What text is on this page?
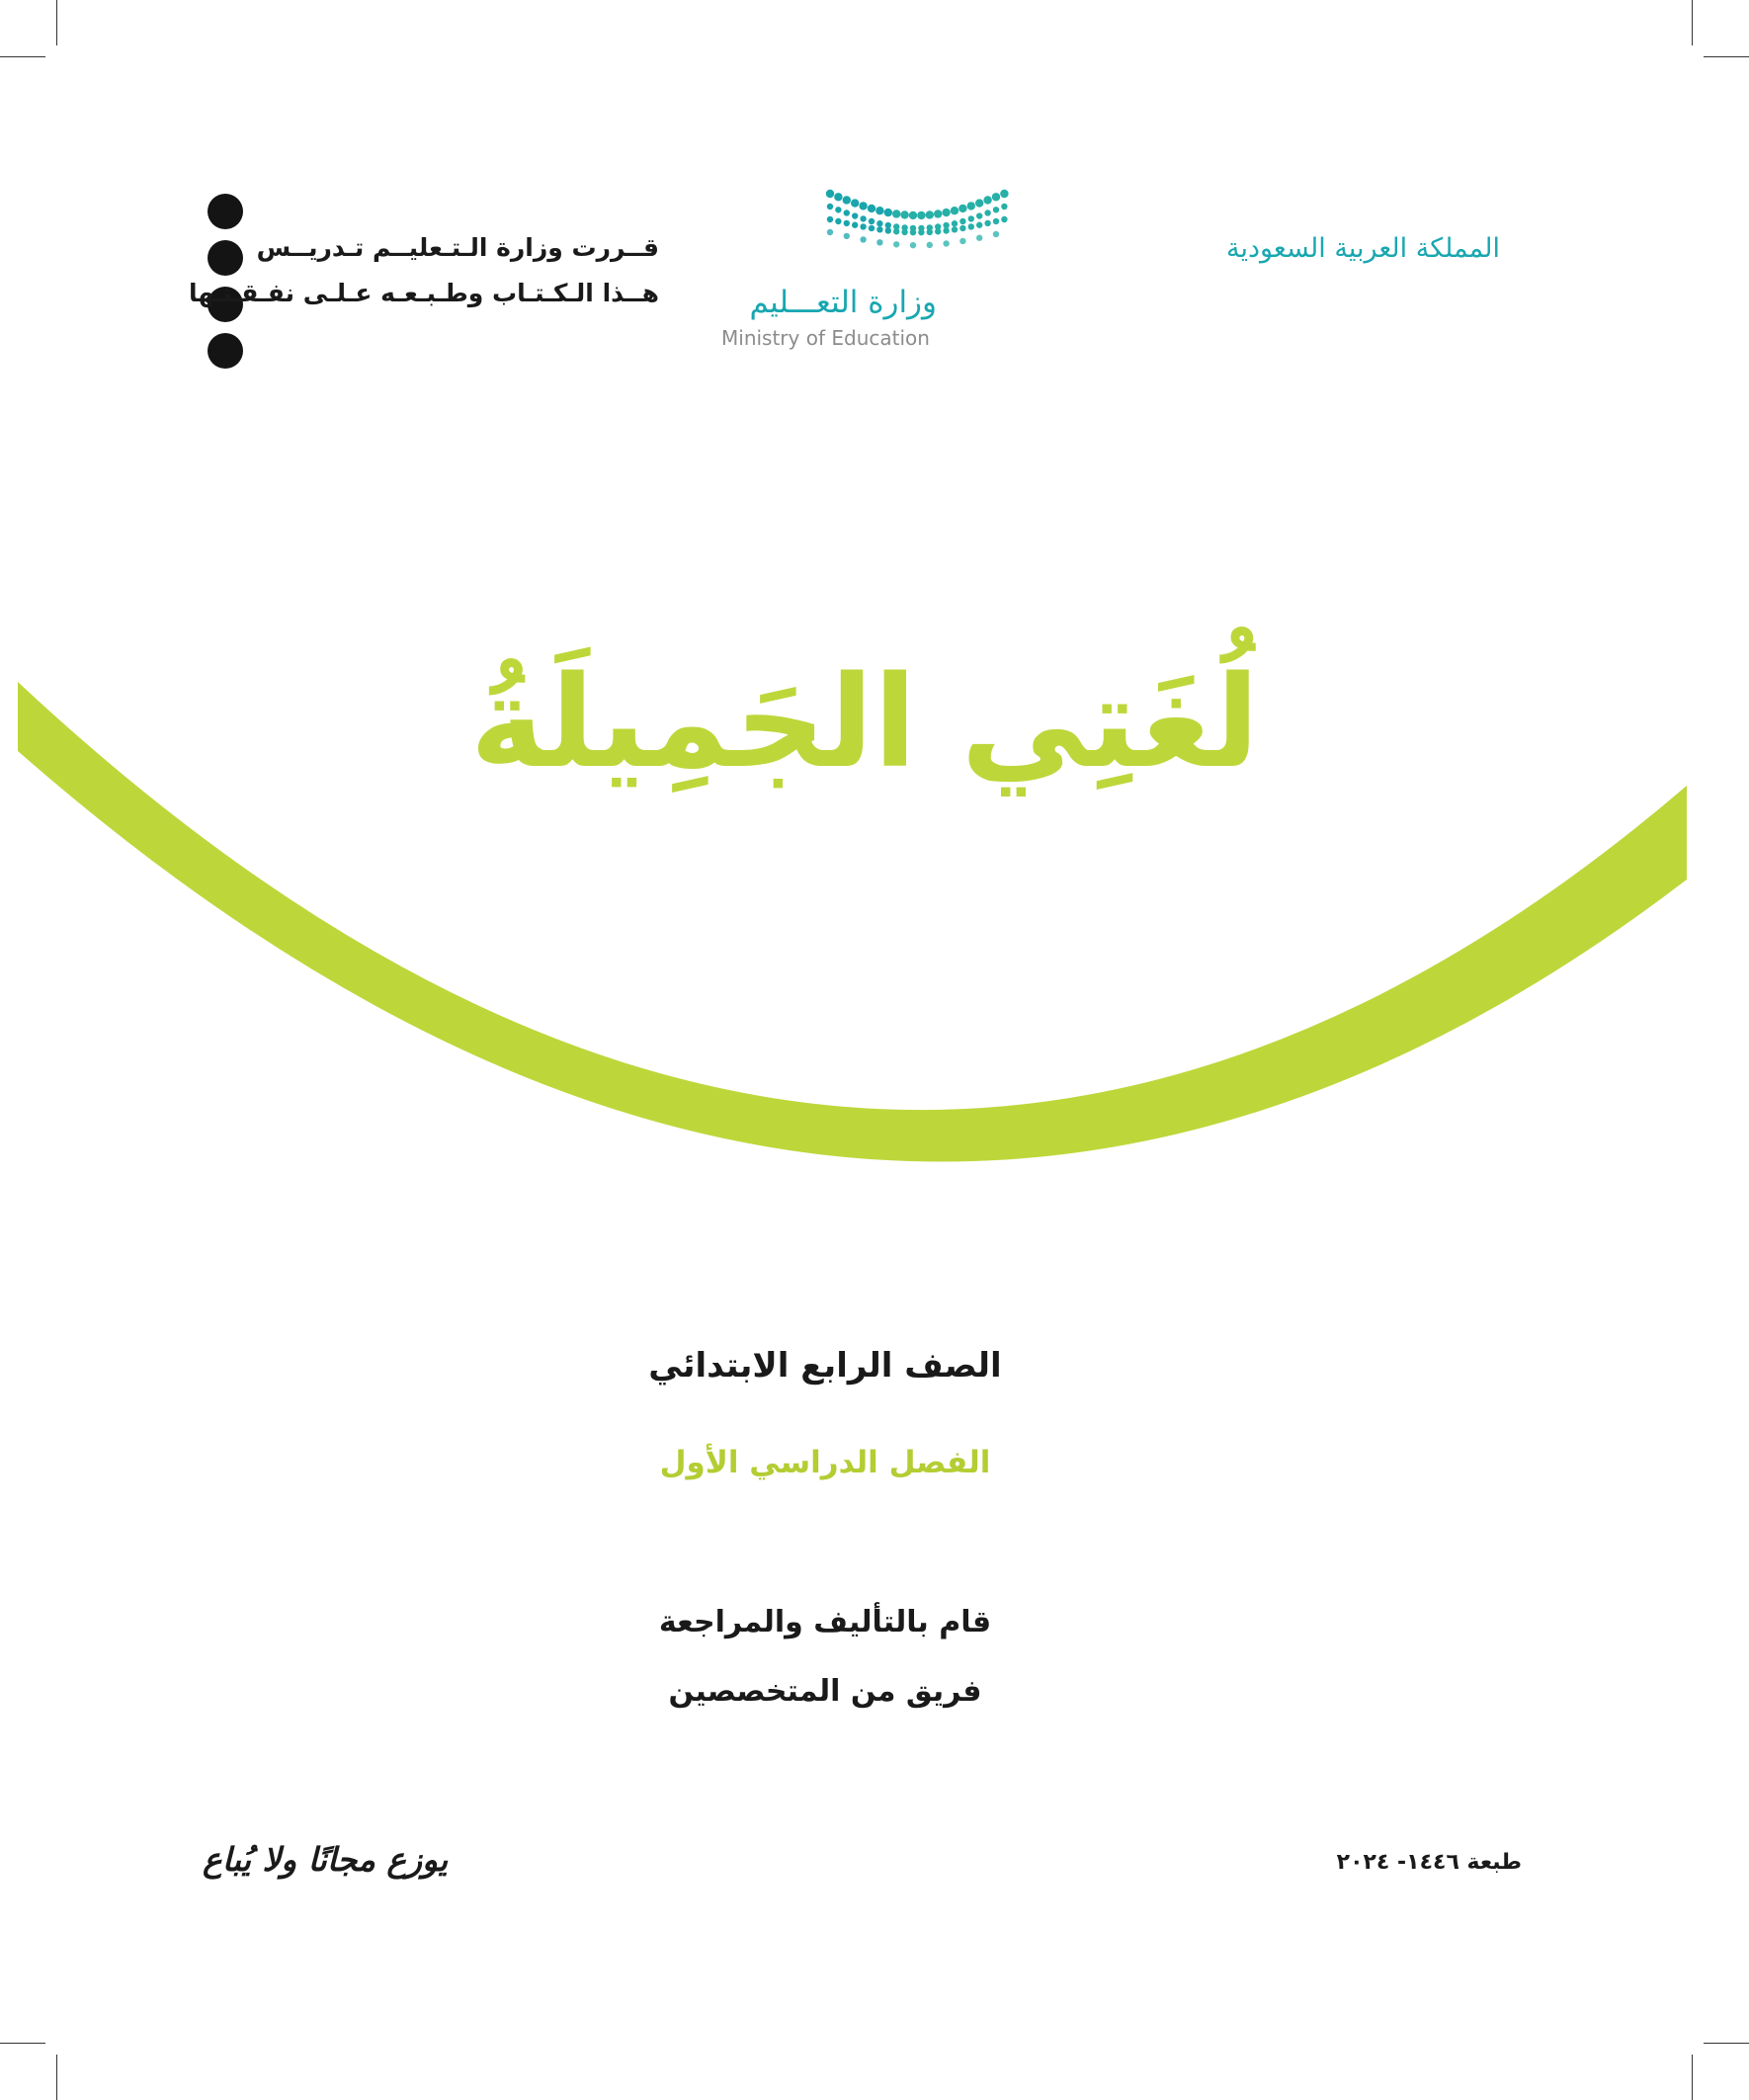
المملكة العربية السعودية
وزارة التعـــليم
Ministry of Education
قــررت وزارة الـتـعليــم تـدريــس
هــذا الـكـتـاب وطـبـعـه عـلـى نفـقـتـها
لُغَتِي الجَمِيلَةُ
الصف الرابع الابتدائي
الفصل الدراسي الأول
قام بالتأليف والمراجعة
فريق من المتخصصين
يوزع مجانًا ولا يُباع	طبعة ١٤٤٦- ٢٠٢٤
